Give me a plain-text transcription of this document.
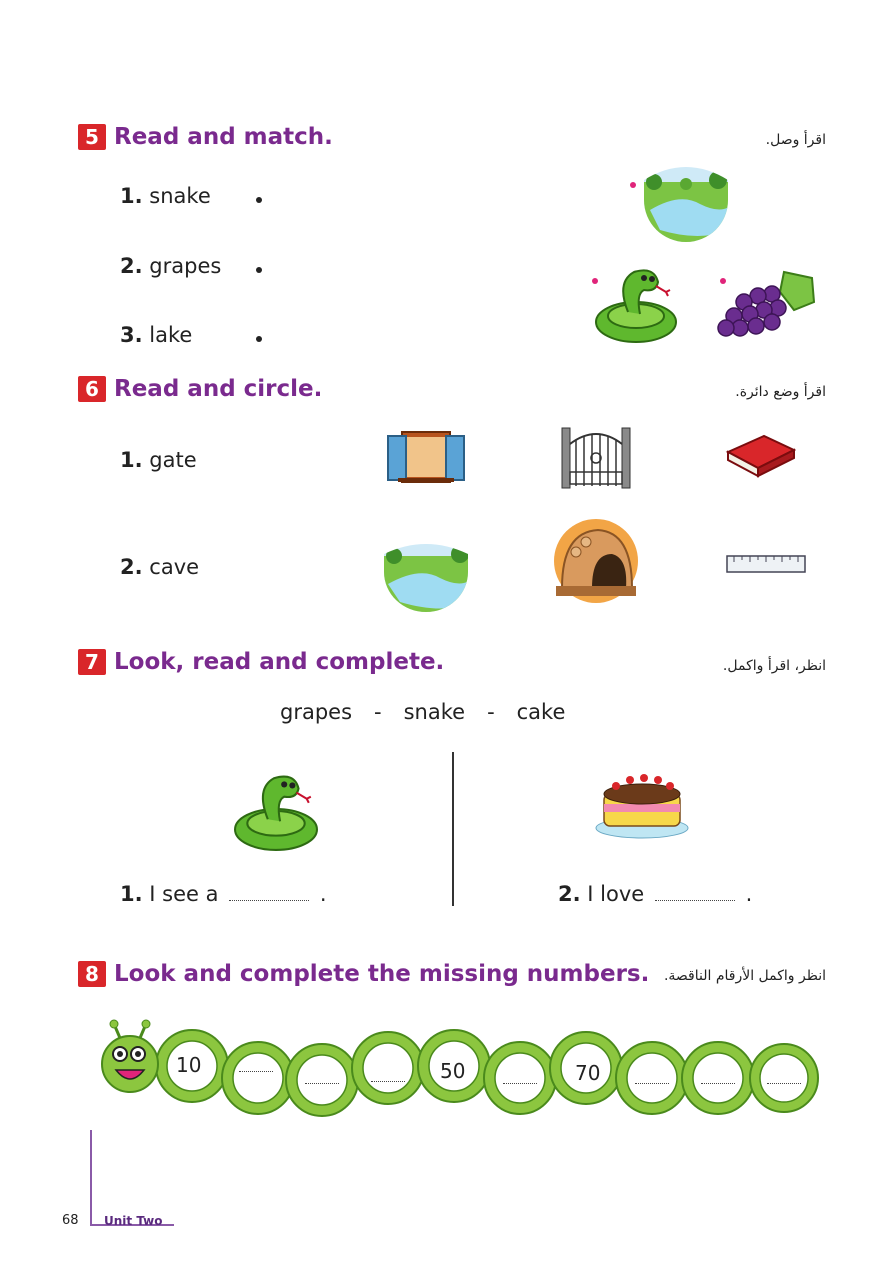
5 Read and match.	اقرأ وصل.
1. snake
2. grapes
3. lake
6 Read and circle.	اقرأ وضع دائرة.
1. gate
2. cave
7 Look, read and complete.	انظر، اقرأ واكمل.
grapes - snake - cake
1. I see a	.	2. I love	.
8 Look and complete the missing numbers. انظر واكمل الأرقام الناقصة.
10	50	70
68 Unit Two
